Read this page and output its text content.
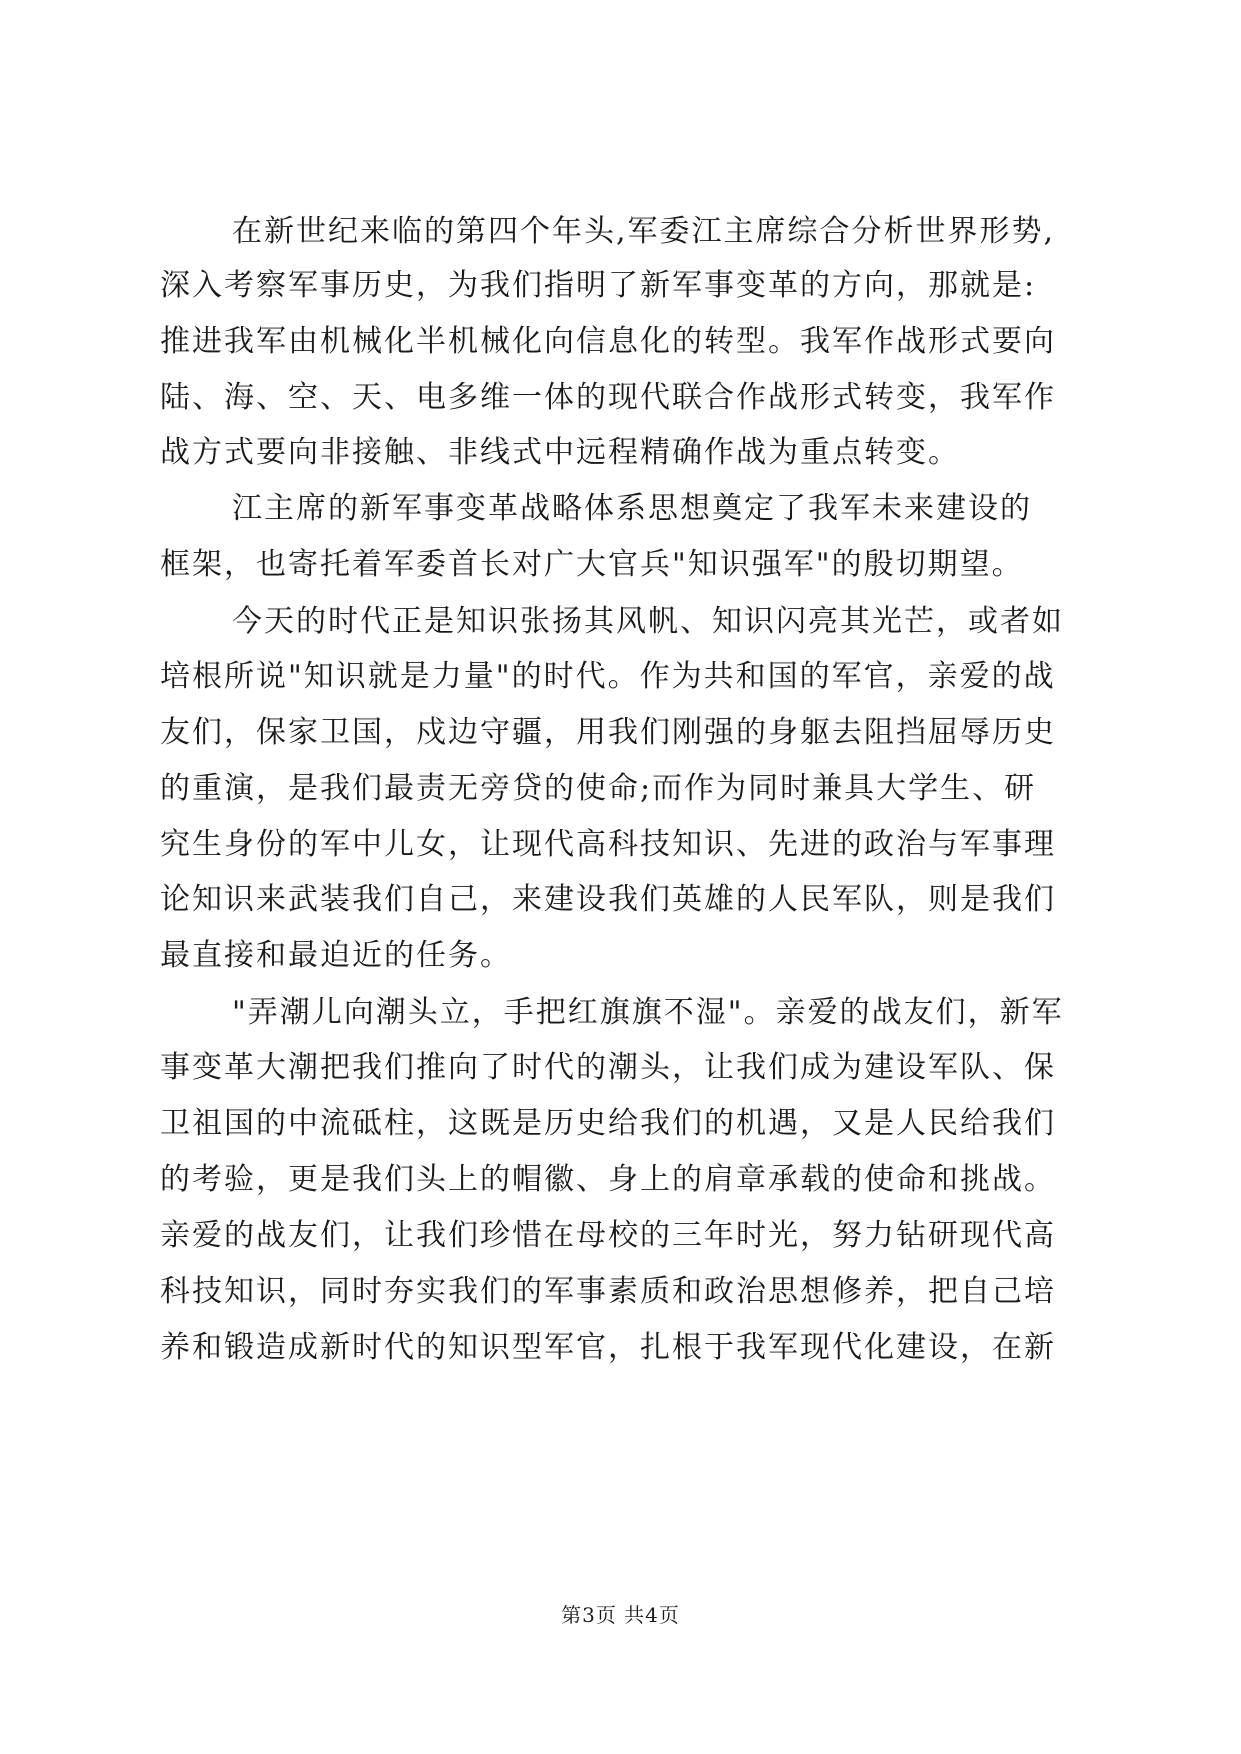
在新世纪来临的第四个年头,军委江主席综合分析世界形势,
深入考察军事历史，为我们指明了新军事变革的方向，那就是:
推进我军由机械化半机械化向信息化的转型。我军作战形式要向
陆、海、空、天、电多维一体的现代联合作战形式转变，我军作
战方式要向非接触、非线式中远程精确作战为重点转变。
江主席的新军事变革战略体系思想奠定了我军未来建设的
框架，也寄托着军委首长对广大官兵"知识强军"的殷切期望。
今天的时代正是知识张扬其风帆、知识闪亮其光芒，或者如
培根所说"知识就是力量"的时代。作为共和国的军官，亲爱的战
友们，保家卫国，戍边守疆，用我们刚强的身躯去阻挡屈辱历史
的重演，是我们最责无旁贷的使命;而作为同时兼具大学生、研
究生身份的军中儿女，让现代高科技知识、先进的政治与军事理
论知识来武装我们自己，来建设我们英雄的人民军队，则是我们
最直接和最迫近的任务。
"弄潮儿向潮头立，手把红旗旗不湿"。亲爱的战友们，新军
事变革大潮把我们推向了时代的潮头，让我们成为建设军队、保
卫祖国的中流砥柱，这既是历史给我们的机遇，又是人民给我们
的考验，更是我们头上的帽徽、身上的肩章承载的使命和挑战。
亲爱的战友们，让我们珍惜在母校的三年时光，努力钻研现代高
科技知识，同时夯实我们的军事素质和政治思想修养，把自己培
养和锻造成新时代的知识型军官，扎根于我军现代化建设，在新
第3页 共4页
